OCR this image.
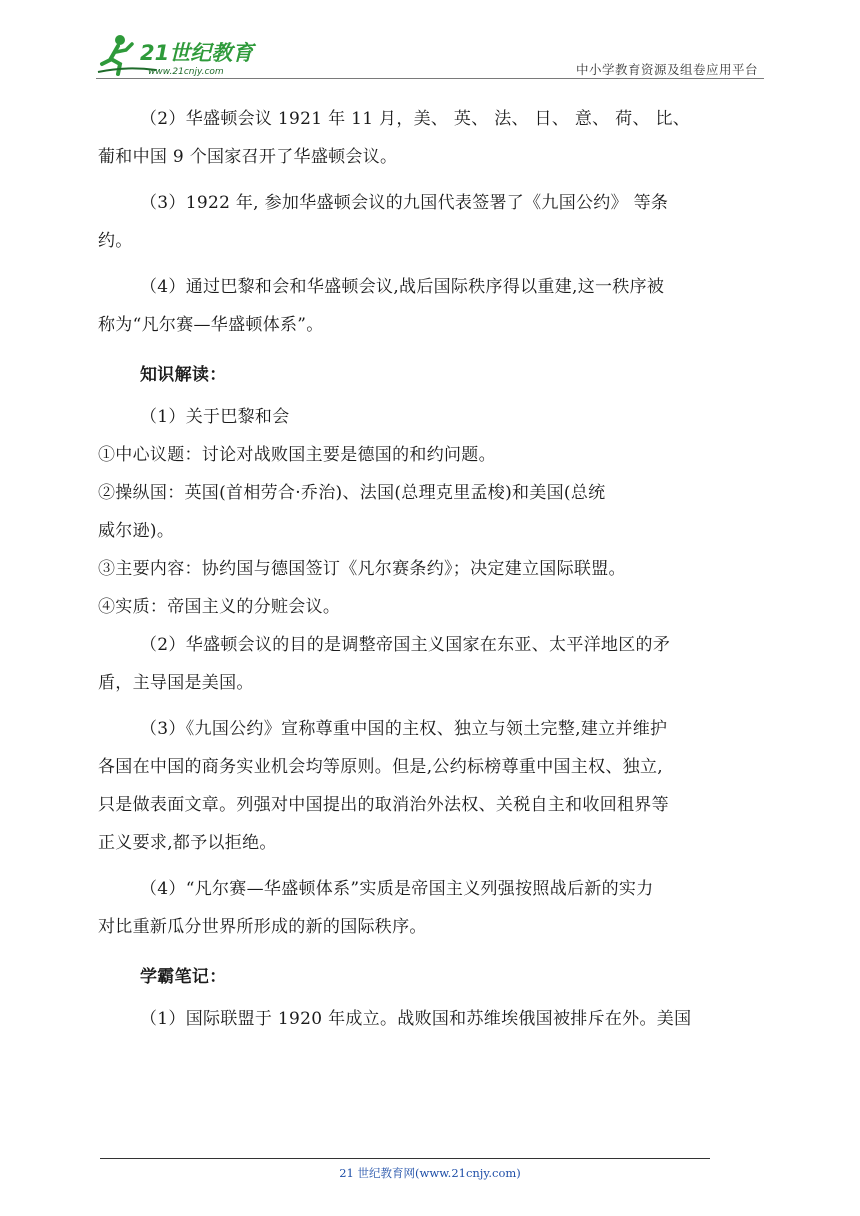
21世纪教育
www.21cnjy.com	中小学教育资源及组卷应用平台

（2）华盛顿会议 1921 年 11 月，美、 英、 法、 日、 意、 荷、 比、

葡和中国 9 个国家召开了华盛顿会议。

（3）1922 年, 参加华盛顿会议的九国代表签署了《九国公约》 等条

约。

（4）通过巴黎和会和华盛顿会议,战后国际秩序得以重建,这一秩序被

称为“凡尔赛—华盛顿体系”。

知识解读：

（1）关于巴黎和会

①中心议题：讨论对战败国主要是德国的和约问题。

②操纵国：英国(首相劳合·乔治)、法国(总理克里孟梭)和美国(总统

威尔逊)。

③主要内容：协约国与德国签订《凡尔赛条约》；决定建立国际联盟。

④实质：帝国主义的分赃会议。

（2）华盛顿会议的目的是调整帝国主义国家在东亚、太平洋地区的矛

盾，主导国是美国。

（3）《九国公约》宣称尊重中国的主权、独立与领土完整,建立并维护

各国在中国的商务实业机会均等原则。但是,公约标榜尊重中国主权、独立,

只是做表面文章。列强对中国提出的取消治外法权、关税自主和收回租界等

正义要求,都予以拒绝。

（4）“凡尔赛—华盛顿体系”实质是帝国主义列强按照战后新的实力

对比重新瓜分世界所形成的新的国际秩序。

学霸笔记：

（1）国际联盟于 1920 年成立。战败国和苏维埃俄国被排斥在外。美国

21 世纪教育网(www.21cnjy.com)
